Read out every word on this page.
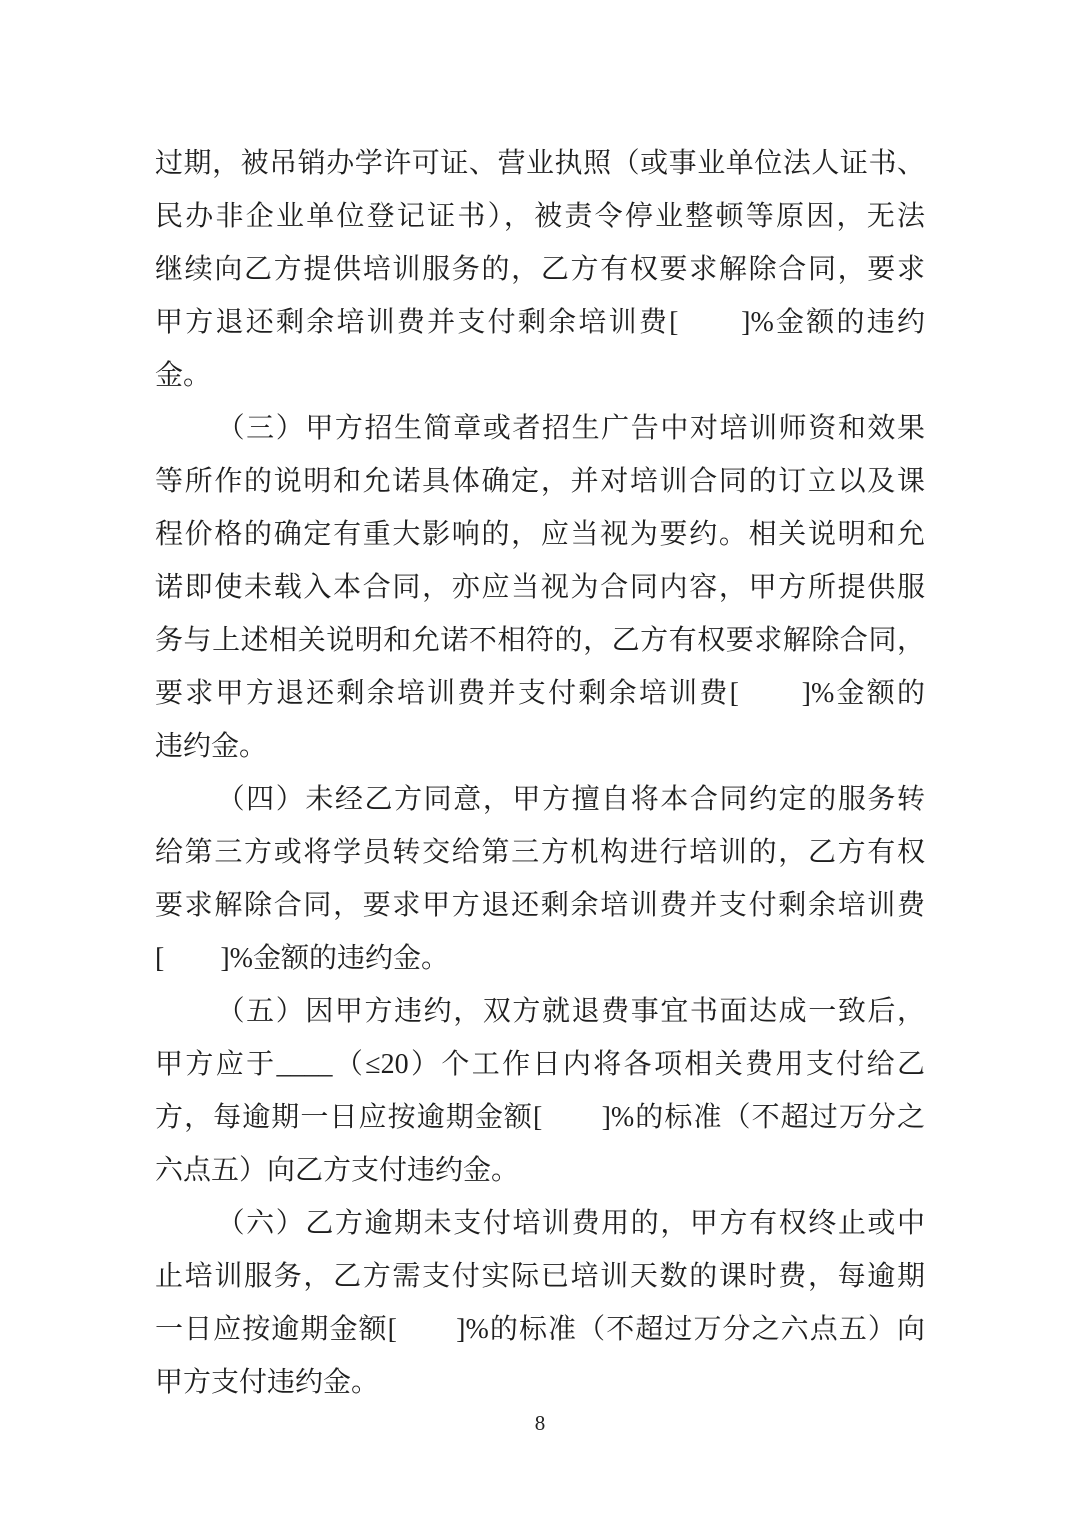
过期，被吊销办学许可证、营业执照（或事业单位法人证书、
民办非企业单位登记证书），被责令停业整顿等原因，无法
继续向乙方提供培训服务的，乙方有权要求解除合同，要求
甲方退还剩余培训费并支付剩余培训费[　　]%金额的违约
金。
（三）甲方招生简章或者招生广告中对培训师资和效果
等所作的说明和允诺具体确定，并对培训合同的订立以及课
程价格的确定有重大影响的，应当视为要约。相关说明和允
诺即使未载入本合同，亦应当视为合同内容，甲方所提供服
务与上述相关说明和允诺不相符的，乙方有权要求解除合同，
要求甲方退还剩余培训费并支付剩余培训费[　　]%金额的
违约金。
（四）未经乙方同意，甲方擅自将本合同约定的服务转
给第三方或将学员转交给第三方机构进行培训的，乙方有权
要求解除合同，要求甲方退还剩余培训费并支付剩余培训费
[　　]%金额的违约金。
（五）因甲方违约，双方就退费事宜书面达成一致后，
甲方应于____（≤20）个工作日内将各项相关费用支付给乙
方，每逾期一日应按逾期金额[　　]%的标准（不超过万分之
六点五）向乙方支付违约金。
（六）乙方逾期未支付培训费用的，甲方有权终止或中
止培训服务，乙方需支付实际已培训天数的课时费，每逾期
一日应按逾期金额[　　]%的标准（不超过万分之六点五）向
甲方支付违约金。
8
